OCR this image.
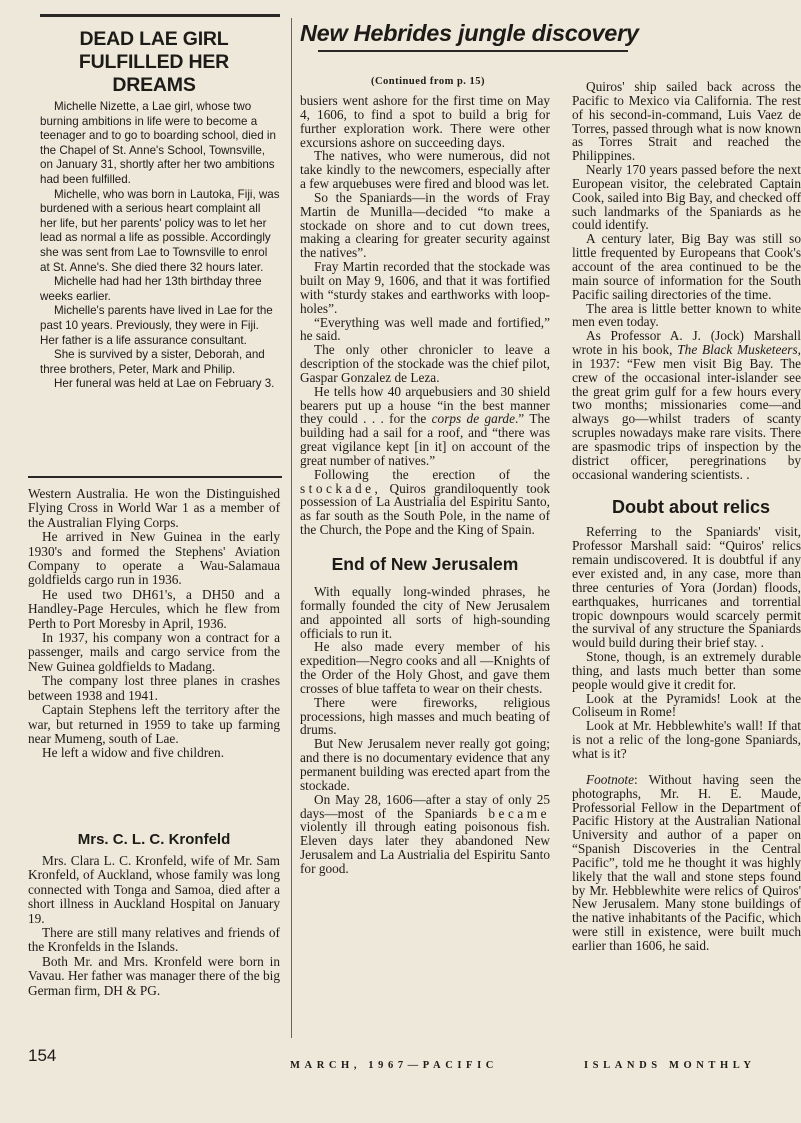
DEAD LAE GIRL
FULFILLED HER
DREAMS

Michelle Nizette, a Lae girl, whose two burning ambitions in life were to become a teenager and to go to boarding school, died in the Chapel of St. Anne's School, Townsville, on January 31, shortly after her two ambitions had been fulfilled.

Michelle, who was born in Lautoka, Fiji, was burdened with a serious heart complaint all her life, but her parents' policy was to let her lead as normal a life as possible. Accordingly she was sent from Lae to Townsville to enrol at St. Anne's. She died there 32 hours later.

Michelle had had her 13th birthday three weeks earlier.

Michelle's parents have lived in Lae for the past 10 years. Previously, they were in Fiji. Her father is a life assurance consultant.

She is survived by a sister, Deborah, and three brothers, Peter, Mark and Philip.

Her funeral was held at Lae on February 3.

Western Australia. He won the Distinguished Flying Cross in World War 1 as a member of the Australian Flying Corps.

He arrived in New Guinea in the early 1930's and formed the Stephens' Aviation Company to operate a Wau-Salamaua goldfields cargo run in 1936.

He used two DH61's, a DH50 and a Handley-Page Hercules, which he flew from Perth to Port Moresby in April, 1936.

In 1937, his company won a contract for a passenger, mails and cargo service from the New Guinea goldfields to Madang.

The company lost three planes in crashes between 1938 and 1941.

Captain Stephens left the territory after the war, but returned in 1959 to take up farming near Mumeng, south of Lae.

He left a widow and five children.

Mrs. C. L. C. Kronfeld

Mrs. Clara L. C. Kronfeld, wife of Mr. Sam Kronfeld, of Auckland, whose family was long connected with Tonga and Samoa, died after a short illness in Auckland Hospital on January 19.

There are still many relatives and friends of the Kronfelds in the Islands.

Both Mr. and Mrs. Kronfeld were born in Vavau. Her father was manager there of the big German firm, DH & PG.

New Hebrides jungle discovery
(Continued from p. 15)

busiers went ashore for the first time on May 4, 1606, to find a spot to build a brig for further exploration work. There were other excursions ashore on succeeding days.

The natives, who were numerous, did not take kindly to the newcomers, especially after a few arquebuses were fired and blood was let.

So the Spaniards—in the words of Fray Martin de Munilla—decided “to make a stockade on shore and to cut down trees, making a clearing for greater security against the natives”.

Fray Martin recorded that the stockade was built on May 9, 1606, and that it was fortified with “sturdy stakes and earthworks with loop-holes”.

“Everything was well made and fortified,” he said.

The only other chronicler to leave a description of the stockade was the chief pilot, Gaspar Gonzalez de Leza.

He tells how 40 arquebusiers and 30 shield bearers put up a house “in the best manner they could . . . for the corps de garde.” The building had a sail for a roof, and “there was great vigilance kept [in it] on account of the great number of natives.”

Following the erection of the stockade, Quiros grandiloquently took possession of La Austrialia del Espiritu Santo, as far south as the South Pole, in the name of the Church, the Pope and the King of Spain.

End of New Jerusalem

With equally long-winded phrases, he formally founded the city of New Jerusalem and appointed all sorts of high-sounding officials to run it.

He also made every member of his expedition—Negro cooks and all —Knights of the Order of the Holy Ghost, and gave them crosses of blue taffeta to wear on their chests.

There were fireworks, religious processions, high masses and much beating of drums.

But New Jerusalem never really got going; and there is no documentary evidence that any permanent building was erected apart from the stockade.

On May 28, 1606—after a stay of only 25 days—most of the Spaniards became violently ill through eating poisonous fish. Eleven days later they abandoned New Jerusalem and La Austrialia del Espiritu Santo for good.

Quiros' ship sailed back across the Pacific to Mexico via California. The rest of his second-in-command, Luis Vaez de Torres, passed through what is now known as Torres Strait and reached the Philippines.

Nearly 170 years passed before the next European visitor, the celebrated Captain Cook, sailed into Big Bay, and checked off such landmarks of the Spaniards as he could identify.

A century later, Big Bay was still so little frequented by Europeans that Cook's account of the area continued to be the main source of information for the South Pacific sailing directories of the time.

The area is little better known to white men even today.

As Professor A. J. (Jock) Marshall wrote in his book, The Black Musketeers, in 1937: “Few men visit Big Bay. The crew of the occasional inter-islander see the great grim gulf for a few hours every two months; missionaries come—and always go—whilst traders of scanty scruples nowadays make rare visits. There are spasmodic trips of inspection by the district officer, peregrinations by occasional wandering scientists. .

Doubt about relics

Referring to the Spaniards' visit, Professor Marshall said: “Quiros' relics remain undiscovered. It is doubtful if any ever existed and, in any case, more than three centuries of Yora (Jordan) floods, earthquakes, hurricanes and torrential tropic downpours would scarcely permit the survival of any structure the Spaniards would build during their brief stay. .

Stone, though, is an extremely durable thing, and lasts much better than some people would give it credit for.

Look at the Pyramids! Look at the Coliseum in Rome!

Look at Mr. Hebblewhite's wall! If that is not a relic of the long-gone Spaniards, what is it?

Footnote: Without having seen the photographs, Mr. H. E. Maude, Professorial Fellow in the Department of Pacific History at the Australian National University and author of a paper on “Spanish Discoveries in the Central Pacific”, told me he thought it was highly likely that the wall and stone steps found by Mr. Hebblewhite were relics of Quiros' New Jerusalem. Many stone buildings of the native inhabitants of the Pacific, which were still in existence, were built much earlier than 1606, he said.

154
MARCH, 1967—PACIFIC	ISLANDS MONTHLY
